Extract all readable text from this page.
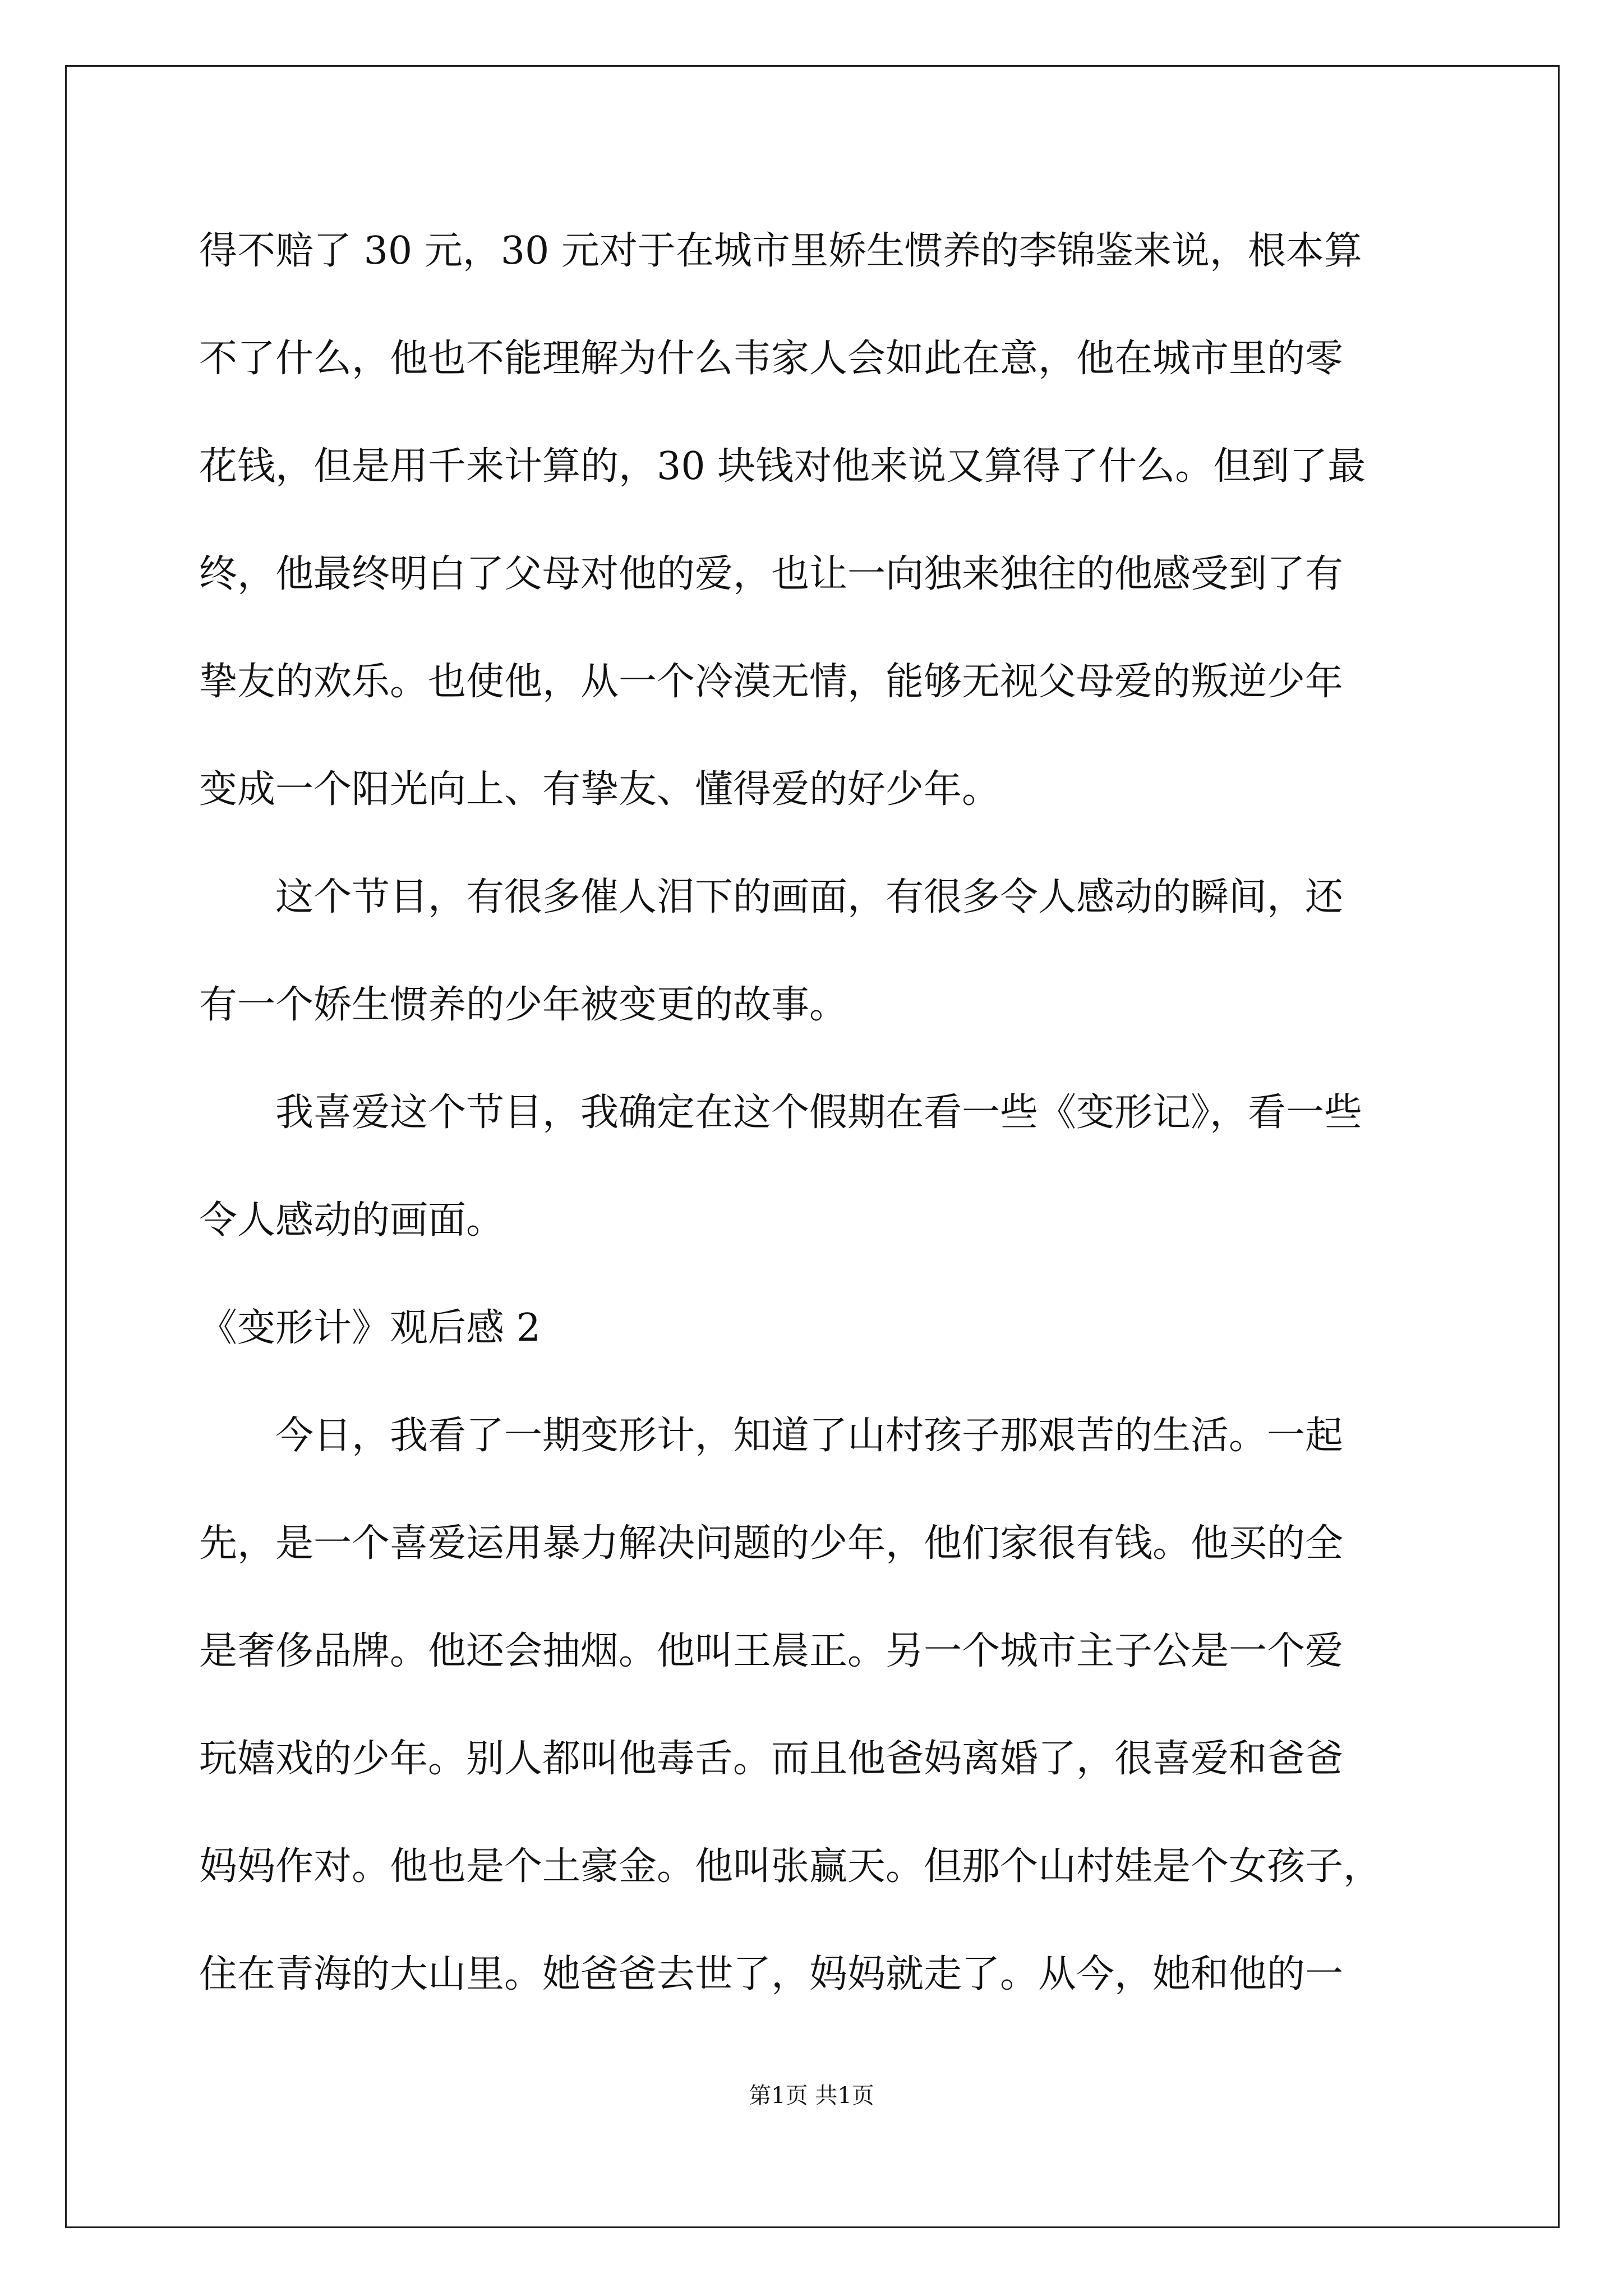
得不赔了 30 元，30 元对于在城市里娇生惯养的李锦鉴来说，根本算
不了什么，他也不能理解为什么韦家人会如此在意，他在城市里的零
花钱，但是用千来计算的，30 块钱对他来说又算得了什么。但到了最
终，他最终明白了父母对他的爱，也让一向独来独往的他感受到了有
挚友的欢乐。也使他，从一个冷漠无情，能够无视父母爱的叛逆少年
变成一个阳光向上、有挚友、懂得爱的好少年。
这个节目，有很多催人泪下的画面，有很多令人感动的瞬间，还
有一个娇生惯养的少年被变更的故事。
我喜爱这个节目，我确定在这个假期在看一些《变形记》，看一些
令人感动的画面。
《变形计》观后感 2
今日，我看了一期变形计，知道了山村孩子那艰苦的生活。一起
先，是一个喜爱运用暴力解决问题的少年，他们家很有钱。他买的全
是奢侈品牌。他还会抽烟。他叫王晨正。另一个城市主子公是一个爱
玩嬉戏的少年。别人都叫他毒舌。而且他爸妈离婚了，很喜爱和爸爸
妈妈作对。他也是个土豪金。他叫张赢天。但那个山村娃是个女孩子，
住在青海的大山里。她爸爸去世了，妈妈就走了。从今，她和他的一
第1页 共1页
